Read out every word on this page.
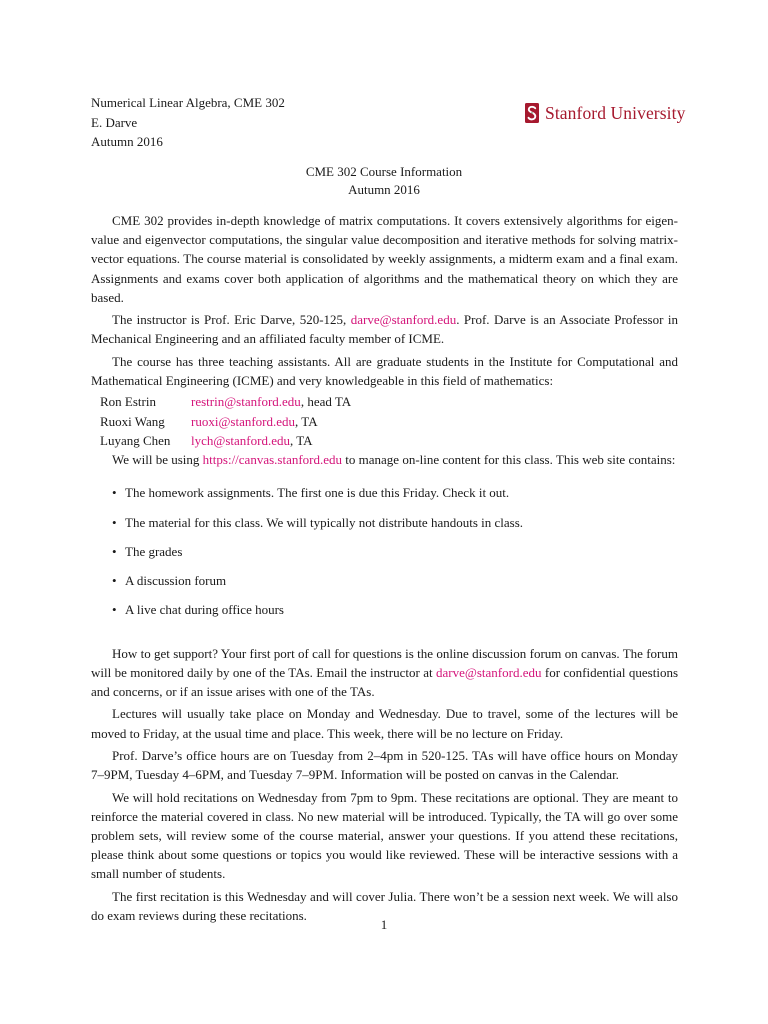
Numerical Linear Algebra, CME 302
E. Darve
Autumn 2016
Stanford University
CME 302 Course Information
Autumn 2016

CME 302 provides in-depth knowledge of matrix computations. It covers extensively algorithms for eigen-value and eigenvector computations, the singular value decomposition and iterative methods for solving matrix-vector equations. The course material is consolidated by weekly assignments, a midterm exam and a final exam. Assignments and exams cover both application of algorithms and the mathematical theory on which they are based.

The instructor is Prof. Eric Darve, 520-125, darve@stanford.edu. Prof. Darve is an Associate Professor in Mechanical Engineering and an affiliated faculty member of ICME.

The course has three teaching assistants. All are graduate students in the Institute for Computational and Mathematical Engineering (ICME) and very knowledgeable in this field of mathematics:

Ron Estrin	restrin@stanford.edu, head TA
Ruoxi Wang	ruoxi@stanford.edu, TA
Luyang Chen	lych@stanford.edu, TA

We will be using https://canvas.stanford.edu to manage on-line content for this class. This web site contains:

• The homework assignments. The first one is due this Friday. Check it out.
• The material for this class. We will typically not distribute handouts in class.
• The grades
• A discussion forum
• A live chat during office hours

How to get support? Your first port of call for questions is the online discussion forum on canvas. The forum will be monitored daily by one of the TAs. Email the instructor at darve@stanford.edu for confidential questions and concerns, or if an issue arises with one of the TAs.

Lectures will usually take place on Monday and Wednesday. Due to travel, some of the lectures will be moved to Friday, at the usual time and place. This week, there will be no lecture on Friday.

Prof. Darve’s office hours are on Tuesday from 2–4pm in 520-125. TAs will have office hours on Monday 7–9PM, Tuesday 4–6PM, and Tuesday 7–9PM. Information will be posted on canvas in the Calendar.

We will hold recitations on Wednesday from 7pm to 9pm. These recitations are optional. They are meant to reinforce the material covered in class. No new material will be introduced. Typically, the TA will go over some problem sets, will review some of the course material, answer your questions. If you attend these recitations, please think about some questions or topics you would like reviewed. These will be interactive sessions with a small number of students.

The first recitation is this Wednesday and will cover Julia. There won’t be a session next week. We will also do exam reviews during these recitations.

1
